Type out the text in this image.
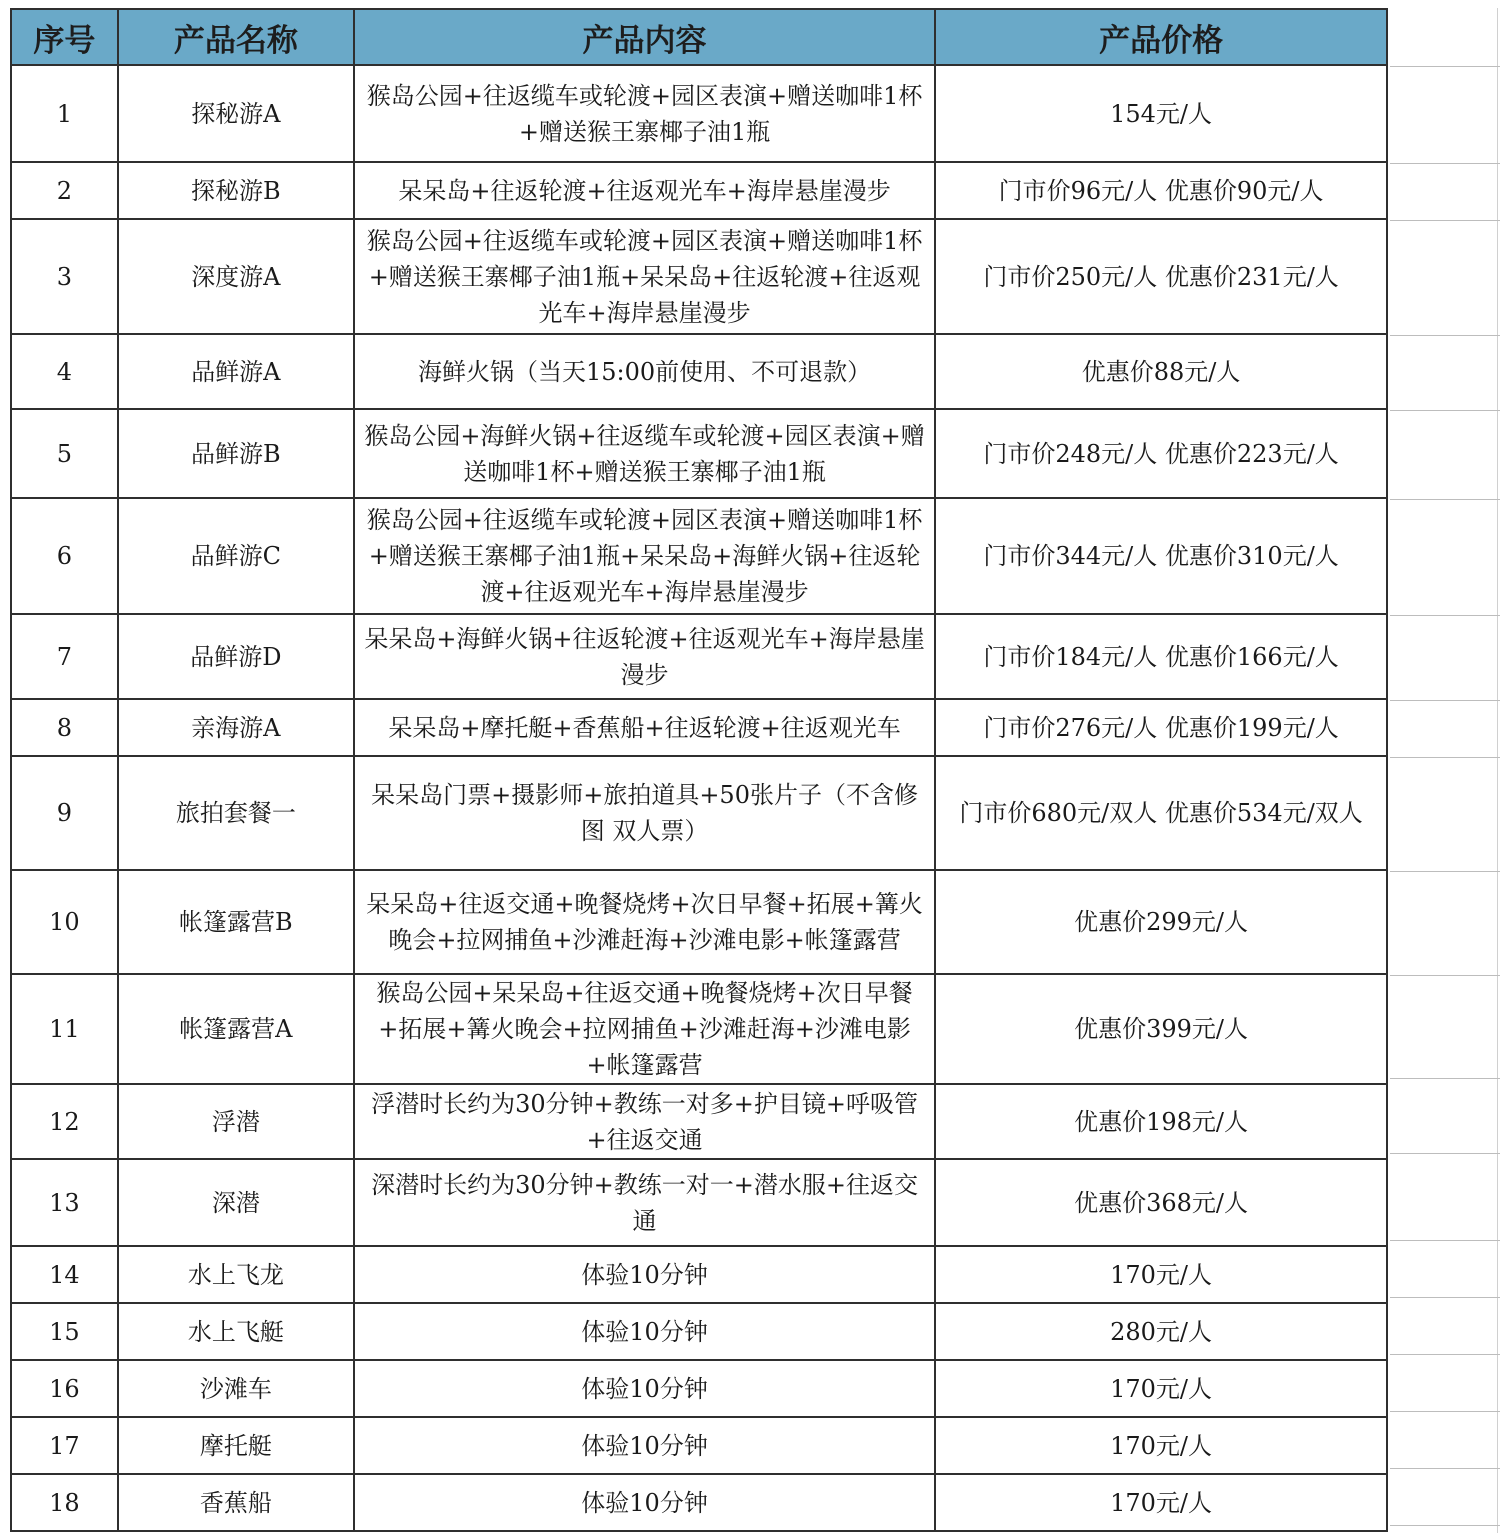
序号	产品名称	产品内容	产品价格
1	探秘游A	猴岛公园+往返缆车或轮渡+园区表演+赠送咖啡1杯+赠送猴王寨椰子油1瓶	154元/人
2	探秘游B	呆呆岛+往返轮渡+往返观光车+海岸悬崖漫步	门市价96元/人 优惠价90元/人
3	深度游A	猴岛公园+往返缆车或轮渡+园区表演+赠送咖啡1杯+赠送猴王寨椰子油1瓶+呆呆岛+往返轮渡+往返观光车+海岸悬崖漫步	门市价250元/人 优惠价231元/人
4	品鲜游A	海鲜火锅（当天15:00前使用、不可退款）	优惠价88元/人
5	品鲜游B	猴岛公园+海鲜火锅+往返缆车或轮渡+园区表演+赠送咖啡1杯+赠送猴王寨椰子油1瓶	门市价248元/人 优惠价223元/人
6	品鲜游C	猴岛公园+往返缆车或轮渡+园区表演+赠送咖啡1杯+赠送猴王寨椰子油1瓶+呆呆岛+海鲜火锅+往返轮渡+往返观光车+海岸悬崖漫步	门市价344元/人 优惠价310元/人
7	品鲜游D	呆呆岛+海鲜火锅+往返轮渡+往返观光车+海岸悬崖漫步	门市价184元/人 优惠价166元/人
8	亲海游A	呆呆岛+摩托艇+香蕉船+往返轮渡+往返观光车	门市价276元/人 优惠价199元/人
9	旅拍套餐一	呆呆岛门票+摄影师+旅拍道具+50张片子（不含修图 双人票）	门市价680元/双人 优惠价534元/双人
10	帐篷露营B	呆呆岛+往返交通+晚餐烧烤+次日早餐+拓展+篝火晚会+拉网捕鱼+沙滩赶海+沙滩电影+帐篷露营	优惠价299元/人
11	帐篷露营A	猴岛公园+呆呆岛+往返交通+晚餐烧烤+次日早餐+拓展+篝火晚会+拉网捕鱼+沙滩赶海+沙滩电影+帐篷露营	优惠价399元/人
12	浮潜	浮潜时长约为30分钟+教练一对多+护目镜+呼吸管+往返交通	优惠价198元/人
13	深潜	深潜时长约为30分钟+教练一对一+潜水服+往返交通	优惠价368元/人
14	水上飞龙	体验10分钟	170元/人
15	水上飞艇	体验10分钟	280元/人
16	沙滩车	体验10分钟	170元/人
17	摩托艇	体验10分钟	170元/人
18	香蕉船	体验10分钟	170元/人
